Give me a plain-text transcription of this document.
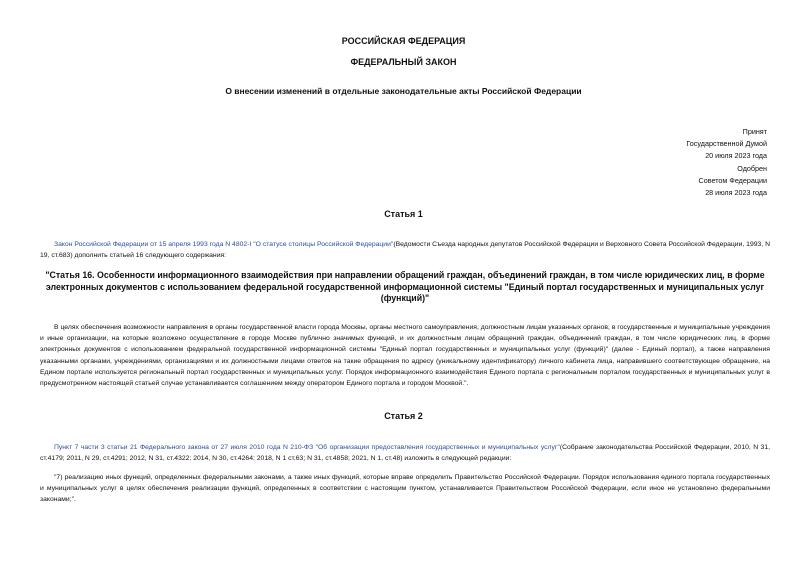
РОССИЙСКАЯ ФЕДЕРАЦИЯ
ФЕДЕРАЛЬНЫЙ ЗАКОН
О внесении изменений в отдельные законодательные акты Российской Федерации
Принят
Государственной Думой
20 июля 2023 года
Одобрен
Советом Федерации
28 июля 2023 года
Статья 1
Закон Российской Федерации от 15 апреля 1993 года N 4802-I "О статусе столицы Российской Федерации"(Ведомости Съезда народных депутатов Российской Федерации и Верховного Совета Российской Федерации, 1993, N 19, ст.683) дополнить статьей 16 следующего содержания:
"Статья 16. Особенности информационного взаимодействия при направлении обращений граждан, объединений граждан, в том числе юридических лиц, в форме электронных документов с использованием федеральной государственной информационной системы "Единый портал государственных и муниципальных услуг (функций)"
В целях обеспечения возможности направления в органы государственной власти города Москвы, органы местного самоуправления, должностным лицам указанных органов, в государственные и муниципальные учреждения и иные организации, на которые возложено осуществление в городе Москве публично значимых функций, и их должностным лицам обращений граждан, объединений граждан, в том числе юридических лиц, в форме электронных документов с использованием федеральной государственной информационной системы "Единый портал государственных и муниципальных услуг (функций)" (далее - Единый портал), а также направления указанными органами, учреждениями, организациями и их должностными лицами ответов на такие обращения по адресу (уникальному идентификатору) личного кабинета лица, направившего соответствующее обращение, на Едином портале используется региональный портал государственных и муниципальных услуг. Порядок информационного взаимодействия Единого портала с региональным порталом государственных и муниципальных услуг в предусмотренном настоящей статьей случае устанавливается соглашением между оператором Единого портала и городом Москвой.".
Статья 2
Пункт 7 части 3 статьи 21 Федерального закона от 27 июля 2010 года N 210-ФЗ "Об организации предоставления государственных и муниципальных услуг"(Собрание законодательства Российской Федерации, 2010, N 31, ст.4179; 2011, N 29, ст.4291; 2012, N 31, ст.4322; 2014, N 30, ст.4264; 2018, N 1 ст.63; N 31, ст.4858; 2021, N 1, ст.48) изложить в следующей редакции:
"7) реализацию иных функций, определенных федеральными законами, а также иных функций, которые вправе определить Правительство Российской Федерации. Порядок использования единого портала государственных и муниципальных услуг в целях обеспечения реализации функций, определенных в соответствии с настоящим пунктом, устанавливается Правительством Российской Федерации, если иное не установлено федеральными законами;".
